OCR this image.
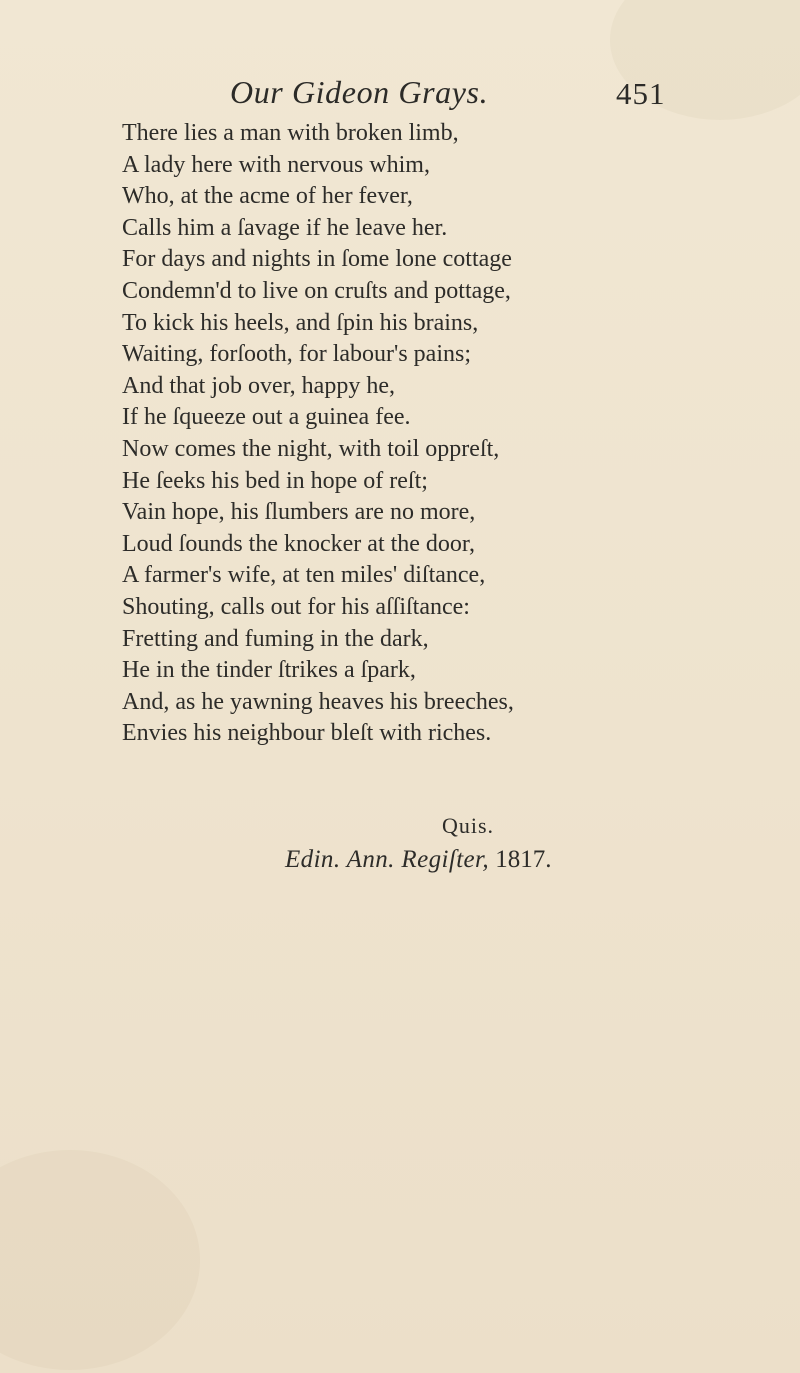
Our Gideon Grays.	451
There lies a man with broken limb,
A lady here with nervous whim,
Who, at the acme of her fever,
Calls him a ſavage if he leave her.
For days and nights in ſome lone cottage
Condemn'd to live on cruſts and pottage,
To kick his heels, and ſpin his brains,
Waiting, forſooth, for labour's pains;
And that job over, happy he,
If he ſqueeze out a guinea fee.
Now comes the night, with toil oppreſt,
He ſeeks his bed in hope of reſt;
Vain hope, his ſlumbers are no more,
Loud ſounds the knocker at the door,
A farmer's wife, at ten miles' diſtance,
Shouting, calls out for his aſſiſtance:
Fretting and fuming in the dark,
He in the tinder ſtrikes a ſpark,
And, as he yawning heaves his breeches,
Envies his neighbour bleſt with riches.
Quis.
Edin. Ann. Regiſter, 1817.
